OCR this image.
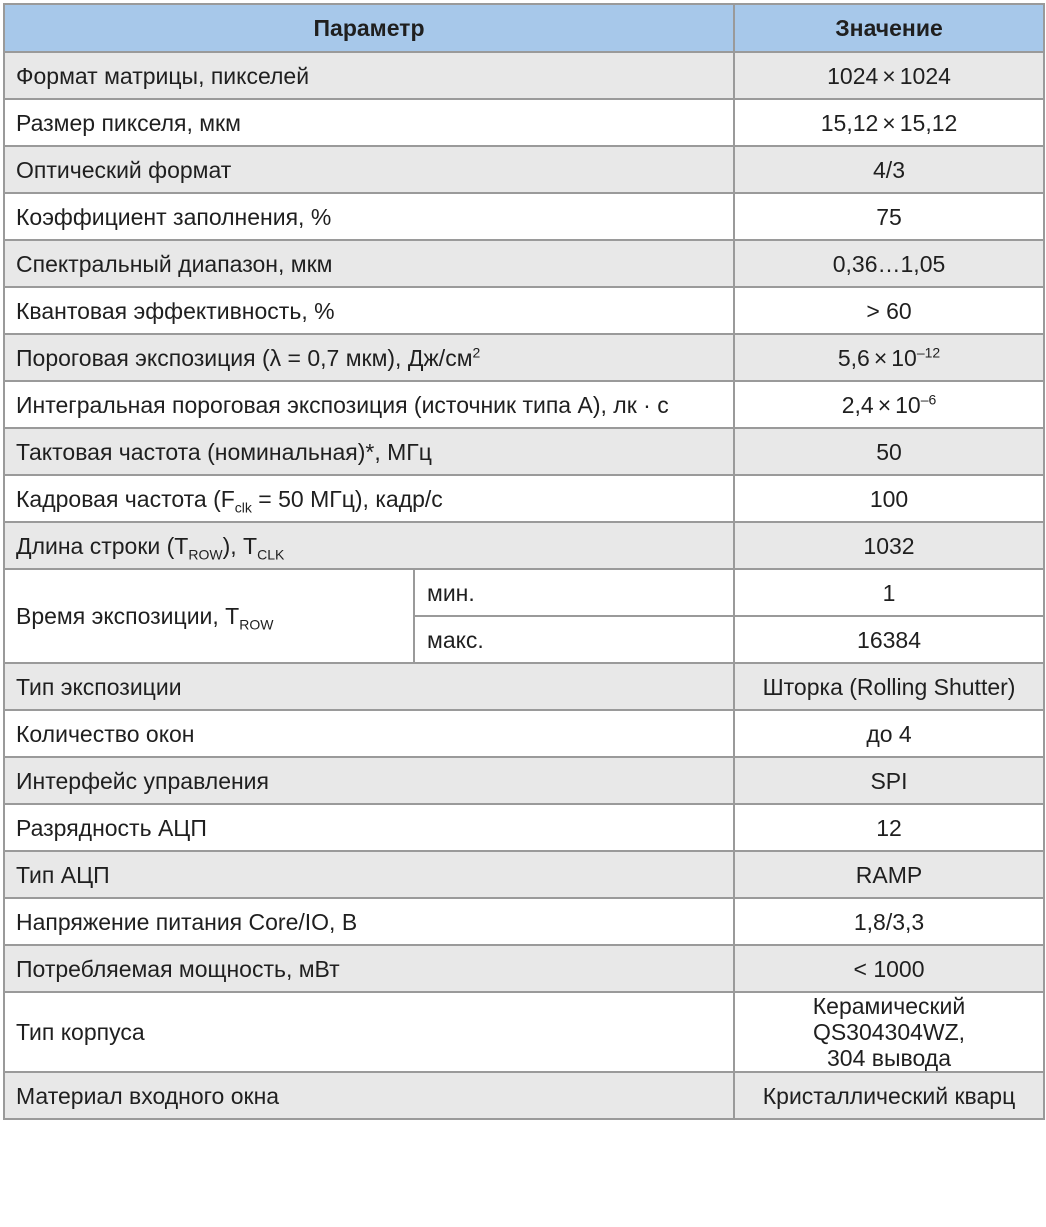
Параметр		Значение
Формат матрицы, пикселей		1024 × 1024
Размер пикселя, мкм		15,12 × 15,12
Оптический формат		4/3
Коэффициент заполнения, %		75
Спектральный диапазон, мкм		0,36…1,05
Квантовая эффективность, %		> 60
Пороговая экспозиция (λ = 0,7 мкм), $Дж/см^2$		$5,6 \times 10^{-12}$
Интегральная пороговая экспозиция (источник типа А), лк · с		$2,4 \times 10^{-6}$
Тактовая частота (номинальная)*, МГц		50
Кадровая частота ($F_{clk} = 50$ МГц), кадр/с		100
Длина строки $(T_{ROW})$, $T_{CLK}$		1032
Время экспозиции, $T_{ROW}$	мин.	1
	макс.	16384
Тип экспозиции		Шторка (Rolling Shutter)
Количество окон		до 4
Интерфейс управления		SPI
Разрядность АЦП		12
Тип АЦП		RAMP
Напряжение питания Core/IO, В		1,8/3,3
Потребляемая мощность, мВт		< 1000
Тип корпуса		Керамический
QS304304WZ,
304 вывода

Материал входного окна		Кристаллический кварц
